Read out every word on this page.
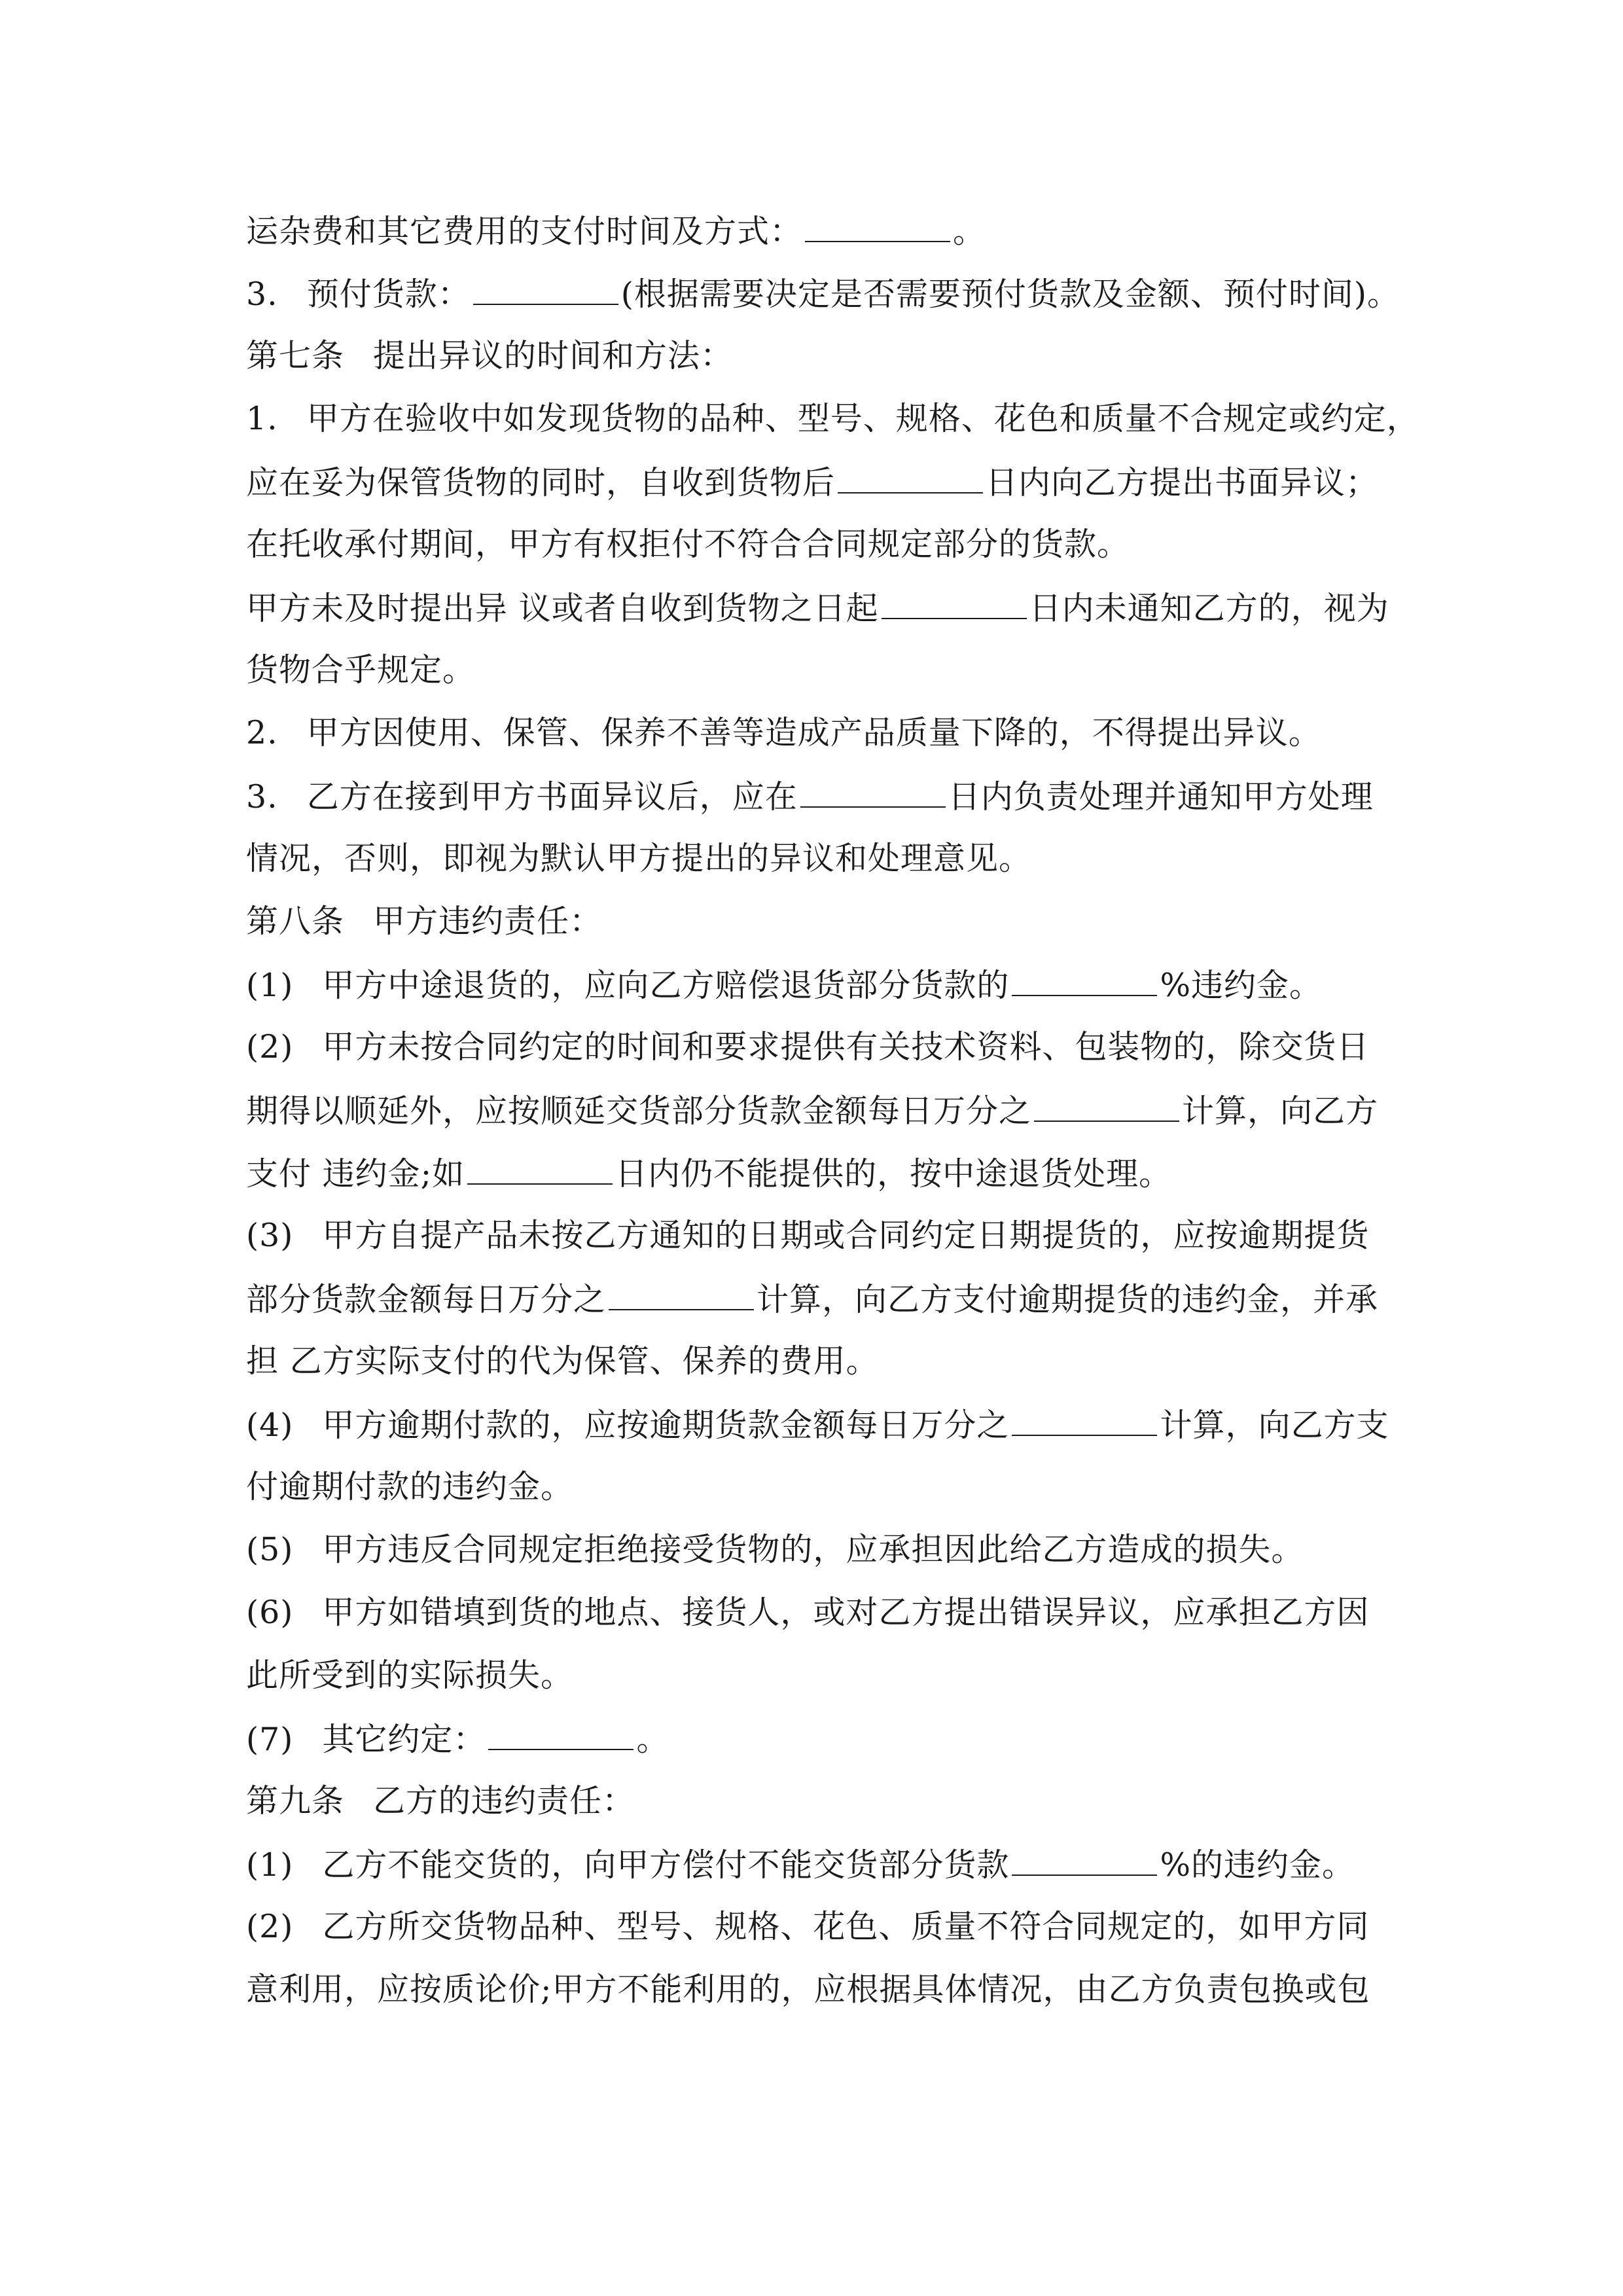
运杂费和其它费用的支付时间及方式：	。
3. 预付货款：	(根据需要决定是否需要预付货款及金额、预付时间)。
第七条 提出异议的时间和方法：
1. 甲方在验收中如发现货物的品种、型号、规格、花色和质量不合规定或约定，
应在妥为保管货物的同时，自收到货物后	日内向乙方提出书面异议；
在托收承付期间，甲方有权拒付不符合合同规定部分的货款。
甲方未及时提出异 议或者自收到货物之日起	日内未通知乙方的，视为
货物合乎规定。
2. 甲方因使用、保管、保养不善等造成产品质量下降的，不得提出异议。
3. 乙方在接到甲方书面异议后，应在	日内负责处理并通知甲方处理
情况，否则，即视为默认甲方提出的异议和处理意见。
第八条 甲方违约责任：
(1) 甲方中途退货的，应向乙方赔偿退货部分货款的	%违约金。
(2) 甲方未按合同约定的时间和要求提供有关技术资料、包装物的，除交货日
期得以顺延外，应按顺延交货部分货款金额每日万分之	计算，向乙方
支付 违约金;如	日内仍不能提供的，按中途退货处理。
(3) 甲方自提产品未按乙方通知的日期或合同约定日期提货的，应按逾期提货
部分货款金额每日万分之	计算，向乙方支付逾期提货的违约金，并承
担 乙方实际支付的代为保管、保养的费用。
(4) 甲方逾期付款的，应按逾期货款金额每日万分之	计算，向乙方支
付逾期付款的违约金。
(5) 甲方违反合同规定拒绝接受货物的，应承担因此给乙方造成的损失。
(6) 甲方如错填到货的地点、接货人，或对乙方提出错误异议，应承担乙方因
此所受到的实际损失。
(7) 其它约定：	。
第九条 乙方的违约责任：
(1) 乙方不能交货的，向甲方偿付不能交货部分货款	%的违约金。
(2) 乙方所交货物品种、型号、规格、花色、质量不符合同规定的，如甲方同
意利用，应按质论价;甲方不能利用的，应根据具体情况，由乙方负责包换或包
